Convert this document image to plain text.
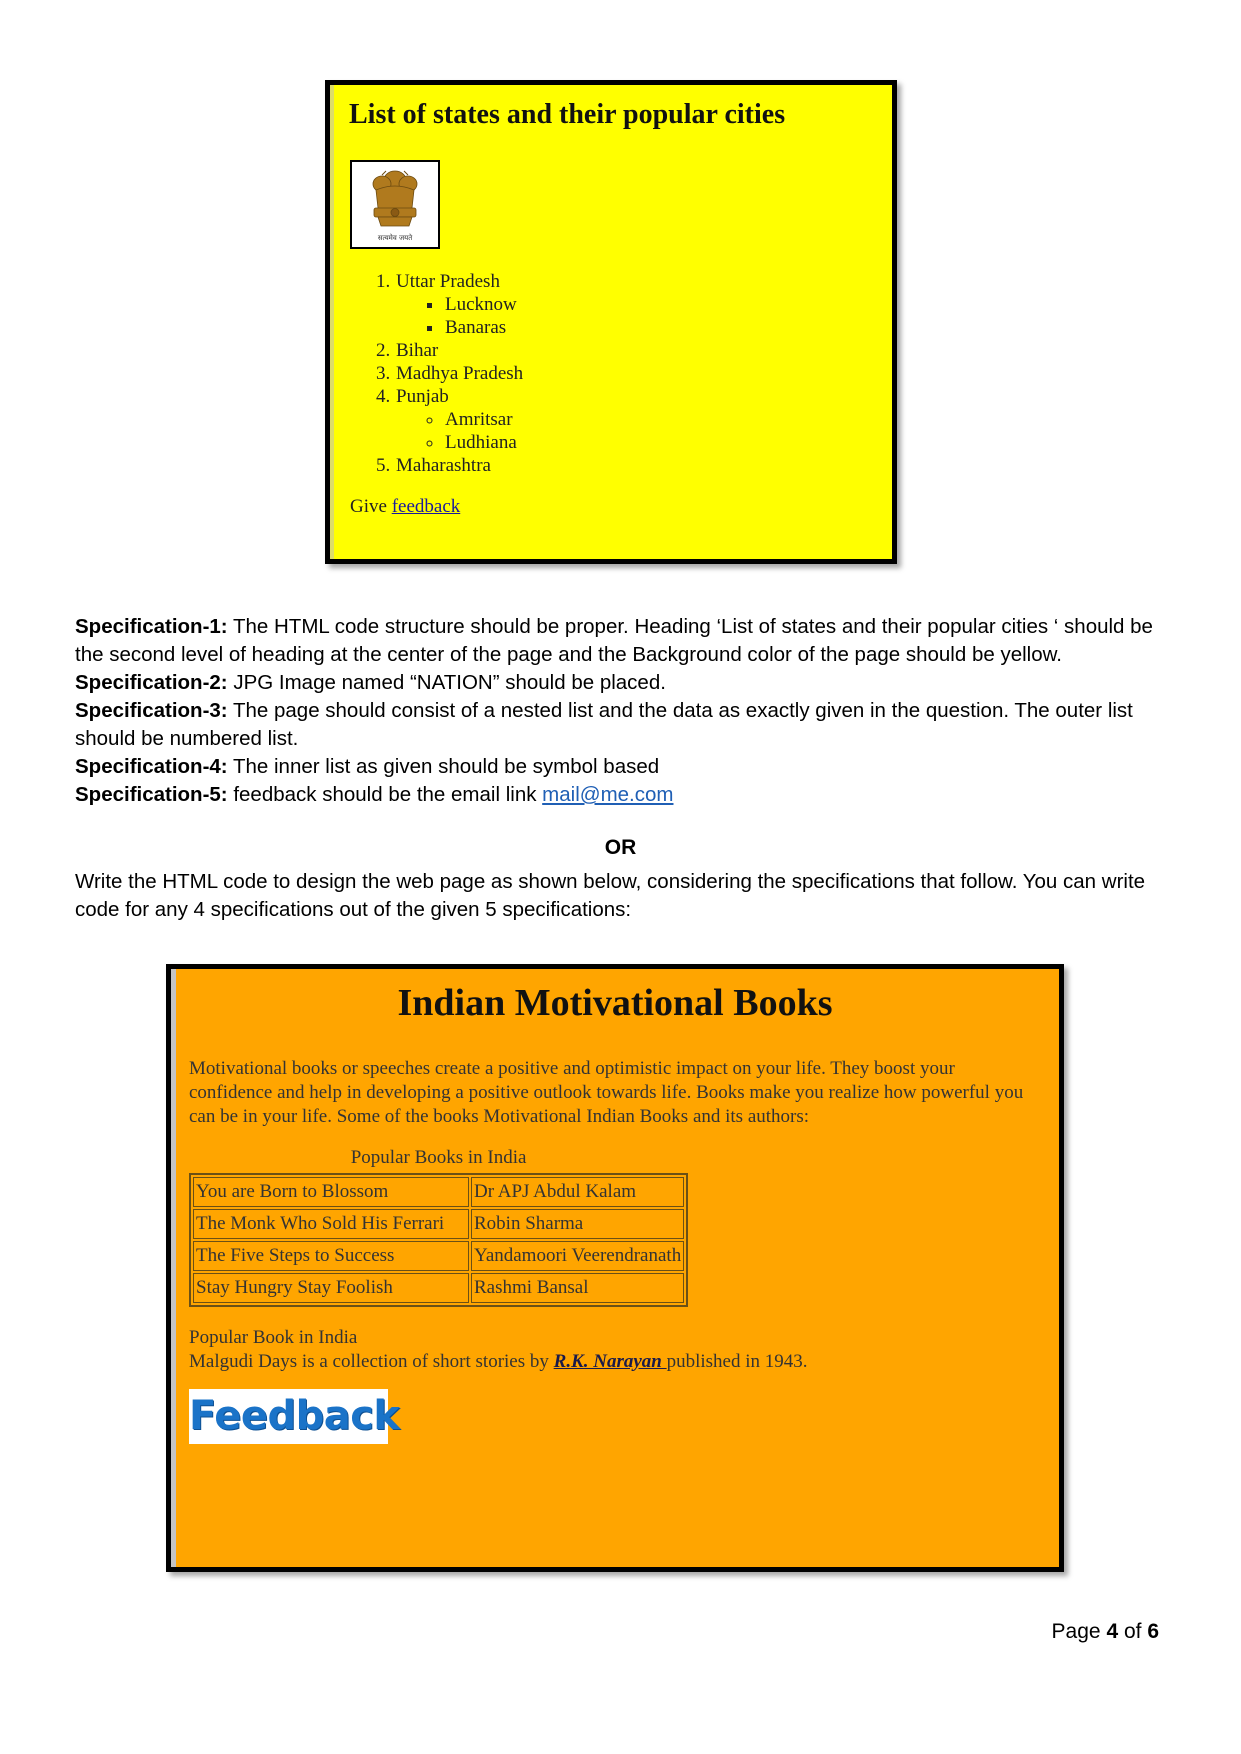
List of states and their popular cities
सत्यमेव जयते
1. Uttar Pradesh
▪ Lucknow
▪ Banaras
2. Bihar
3. Madhya Pradesh
4. Punjab
◦ Amritsar
◦ Ludhiana
5. Maharashtra
Give feedback
Specification-1: The HTML code structure should be proper. Heading ‘List of states and their popular cities ‘ should be the second level of heading at the center of the page and the Background color of the page should be yellow.
Specification-2: JPG Image named “NATION” should be placed.
Specification-3: The page should consist of a nested list and the data as exactly given in the question. The outer list should be numbered list.
Specification-4: The inner list as given should be symbol based
Specification-5: feedback should be the email link mail@me.com
OR
Write the HTML code to design the web page as shown below, considering the specifications that follow. You can write code for any 4 specifications out of the given 5 specifications:
Indian Motivational Books

Motivational books or speeches create a positive and optimistic impact on your life. They boost your confidence and help in developing a positive outlook towards life. Books make you realize how powerful you can be in your life. Some of the books Motivational Indian Books and its authors:

Popular Books in India
You are Born to Blossom	Dr APJ Abdul Kalam
The Monk Who Sold His Ferrari	Robin Sharma
The Five Steps to Success	Yandamoori Veerendranath
Stay Hungry Stay Foolish	Rashmi Bansal
Popular Book in India
Malgudi Days is a collection of short stories by R.K. Narayan published in 1943.
Feedback
Page 4 of 6
